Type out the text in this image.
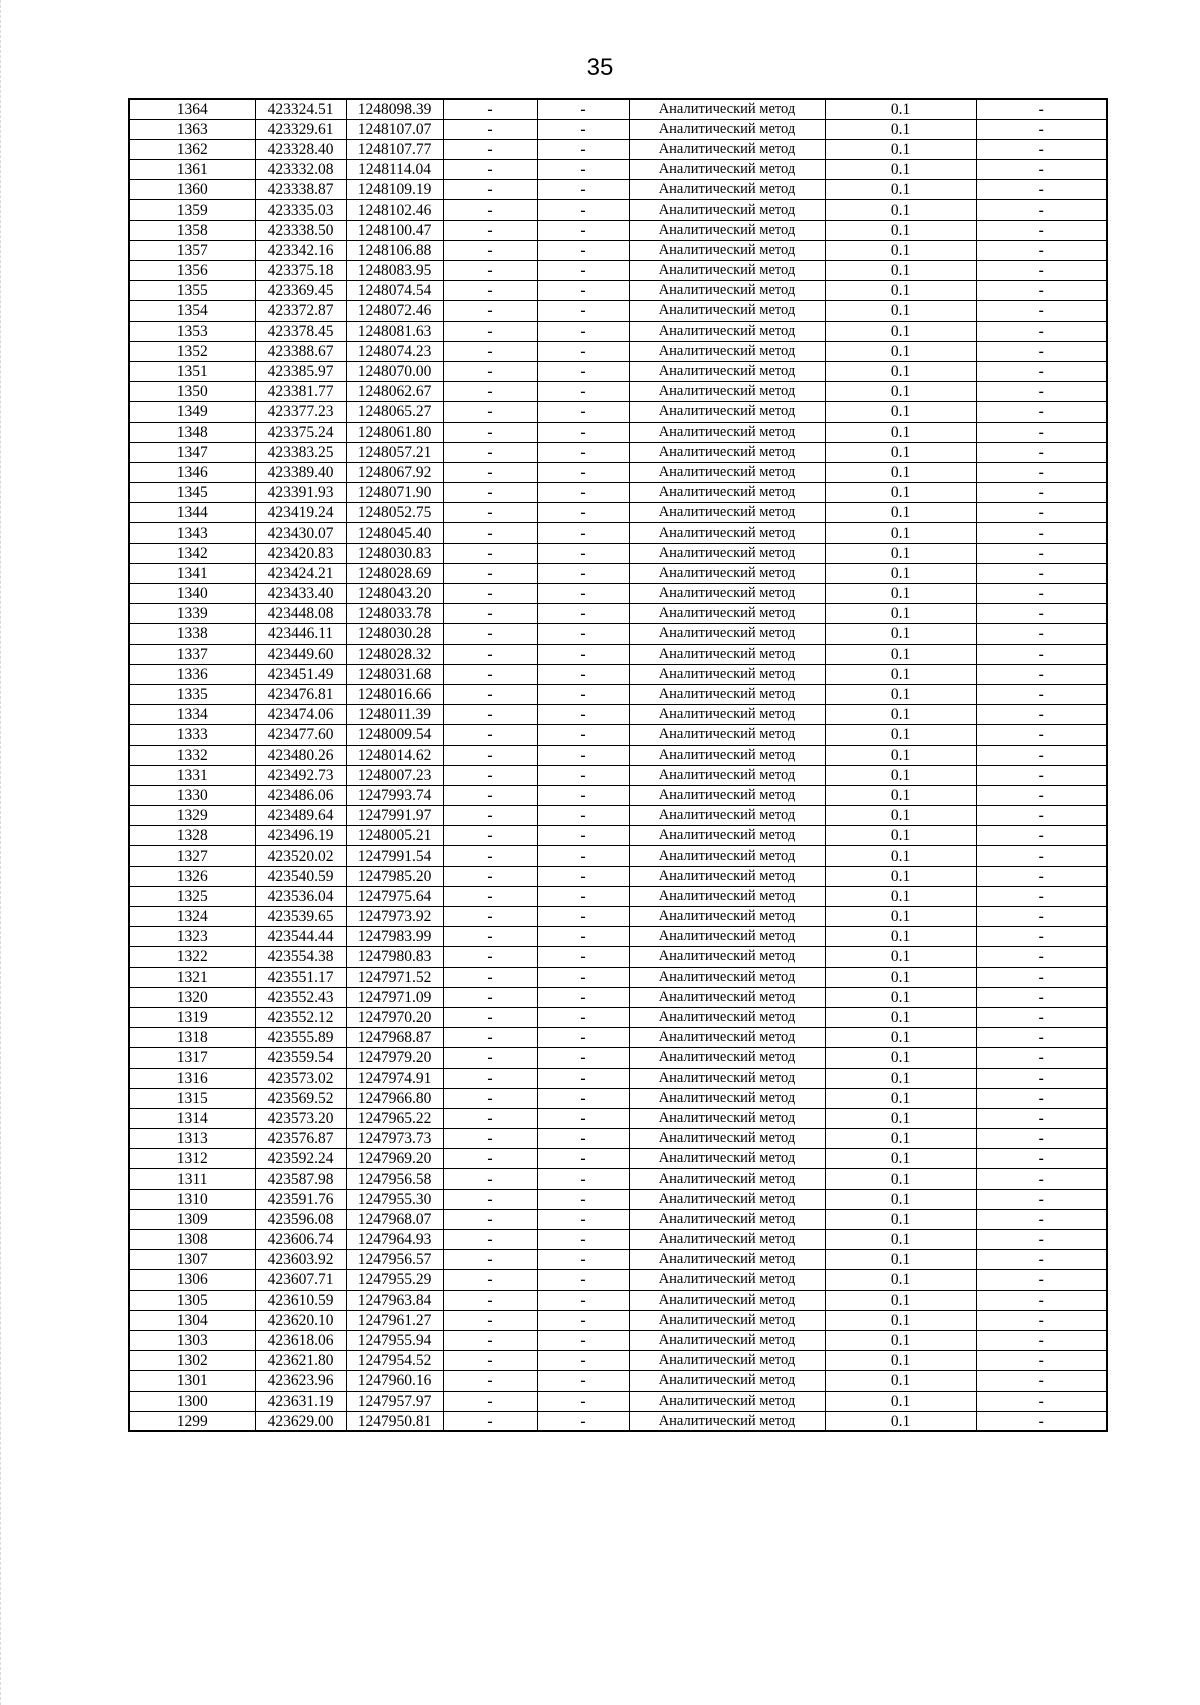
35
1364	423324.51	1248098.39	-	-	Аналитический метод	0.1	-
1363	423329.61	1248107.07	-	-	Аналитический метод	0.1	-
1362	423328.40	1248107.77	-	-	Аналитический метод	0.1	-
1361	423332.08	1248114.04	-	-	Аналитический метод	0.1	-
1360	423338.87	1248109.19	-	-	Аналитический метод	0.1	-
1359	423335.03	1248102.46	-	-	Аналитический метод	0.1	-
1358	423338.50	1248100.47	-	-	Аналитический метод	0.1	-
1357	423342.16	1248106.88	-	-	Аналитический метод	0.1	-
1356	423375.18	1248083.95	-	-	Аналитический метод	0.1	-
1355	423369.45	1248074.54	-	-	Аналитический метод	0.1	-
1354	423372.87	1248072.46	-	-	Аналитический метод	0.1	-
1353	423378.45	1248081.63	-	-	Аналитический метод	0.1	-
1352	423388.67	1248074.23	-	-	Аналитический метод	0.1	-
1351	423385.97	1248070.00	-	-	Аналитический метод	0.1	-
1350	423381.77	1248062.67	-	-	Аналитический метод	0.1	-
1349	423377.23	1248065.27	-	-	Аналитический метод	0.1	-
1348	423375.24	1248061.80	-	-	Аналитический метод	0.1	-
1347	423383.25	1248057.21	-	-	Аналитический метод	0.1	-
1346	423389.40	1248067.92	-	-	Аналитический метод	0.1	-
1345	423391.93	1248071.90	-	-	Аналитический метод	0.1	-
1344	423419.24	1248052.75	-	-	Аналитический метод	0.1	-
1343	423430.07	1248045.40	-	-	Аналитический метод	0.1	-
1342	423420.83	1248030.83	-	-	Аналитический метод	0.1	-
1341	423424.21	1248028.69	-	-	Аналитический метод	0.1	-
1340	423433.40	1248043.20	-	-	Аналитический метод	0.1	-
1339	423448.08	1248033.78	-	-	Аналитический метод	0.1	-
1338	423446.11	1248030.28	-	-	Аналитический метод	0.1	-
1337	423449.60	1248028.32	-	-	Аналитический метод	0.1	-
1336	423451.49	1248031.68	-	-	Аналитический метод	0.1	-
1335	423476.81	1248016.66	-	-	Аналитический метод	0.1	-
1334	423474.06	1248011.39	-	-	Аналитический метод	0.1	-
1333	423477.60	1248009.54	-	-	Аналитический метод	0.1	-
1332	423480.26	1248014.62	-	-	Аналитический метод	0.1	-
1331	423492.73	1248007.23	-	-	Аналитический метод	0.1	-
1330	423486.06	1247993.74	-	-	Аналитический метод	0.1	-
1329	423489.64	1247991.97	-	-	Аналитический метод	0.1	-
1328	423496.19	1248005.21	-	-	Аналитический метод	0.1	-
1327	423520.02	1247991.54	-	-	Аналитический метод	0.1	-
1326	423540.59	1247985.20	-	-	Аналитический метод	0.1	-
1325	423536.04	1247975.64	-	-	Аналитический метод	0.1	-
1324	423539.65	1247973.92	-	-	Аналитический метод	0.1	-
1323	423544.44	1247983.99	-	-	Аналитический метод	0.1	-
1322	423554.38	1247980.83	-	-	Аналитический метод	0.1	-
1321	423551.17	1247971.52	-	-	Аналитический метод	0.1	-
1320	423552.43	1247971.09	-	-	Аналитический метод	0.1	-
1319	423552.12	1247970.20	-	-	Аналитический метод	0.1	-
1318	423555.89	1247968.87	-	-	Аналитический метод	0.1	-
1317	423559.54	1247979.20	-	-	Аналитический метод	0.1	-
1316	423573.02	1247974.91	-	-	Аналитический метод	0.1	-
1315	423569.52	1247966.80	-	-	Аналитический метод	0.1	-
1314	423573.20	1247965.22	-	-	Аналитический метод	0.1	-
1313	423576.87	1247973.73	-	-	Аналитический метод	0.1	-
1312	423592.24	1247969.20	-	-	Аналитический метод	0.1	-
1311	423587.98	1247956.58	-	-	Аналитический метод	0.1	-
1310	423591.76	1247955.30	-	-	Аналитический метод	0.1	-
1309	423596.08	1247968.07	-	-	Аналитический метод	0.1	-
1308	423606.74	1247964.93	-	-	Аналитический метод	0.1	-
1307	423603.92	1247956.57	-	-	Аналитический метод	0.1	-
1306	423607.71	1247955.29	-	-	Аналитический метод	0.1	-
1305	423610.59	1247963.84	-	-	Аналитический метод	0.1	-
1304	423620.10	1247961.27	-	-	Аналитический метод	0.1	-
1303	423618.06	1247955.94	-	-	Аналитический метод	0.1	-
1302	423621.80	1247954.52	-	-	Аналитический метод	0.1	-
1301	423623.96	1247960.16	-	-	Аналитический метод	0.1	-
1300	423631.19	1247957.97	-	-	Аналитический метод	0.1	-
1299	423629.00	1247950.81	-	-	Аналитический метод	0.1	-
